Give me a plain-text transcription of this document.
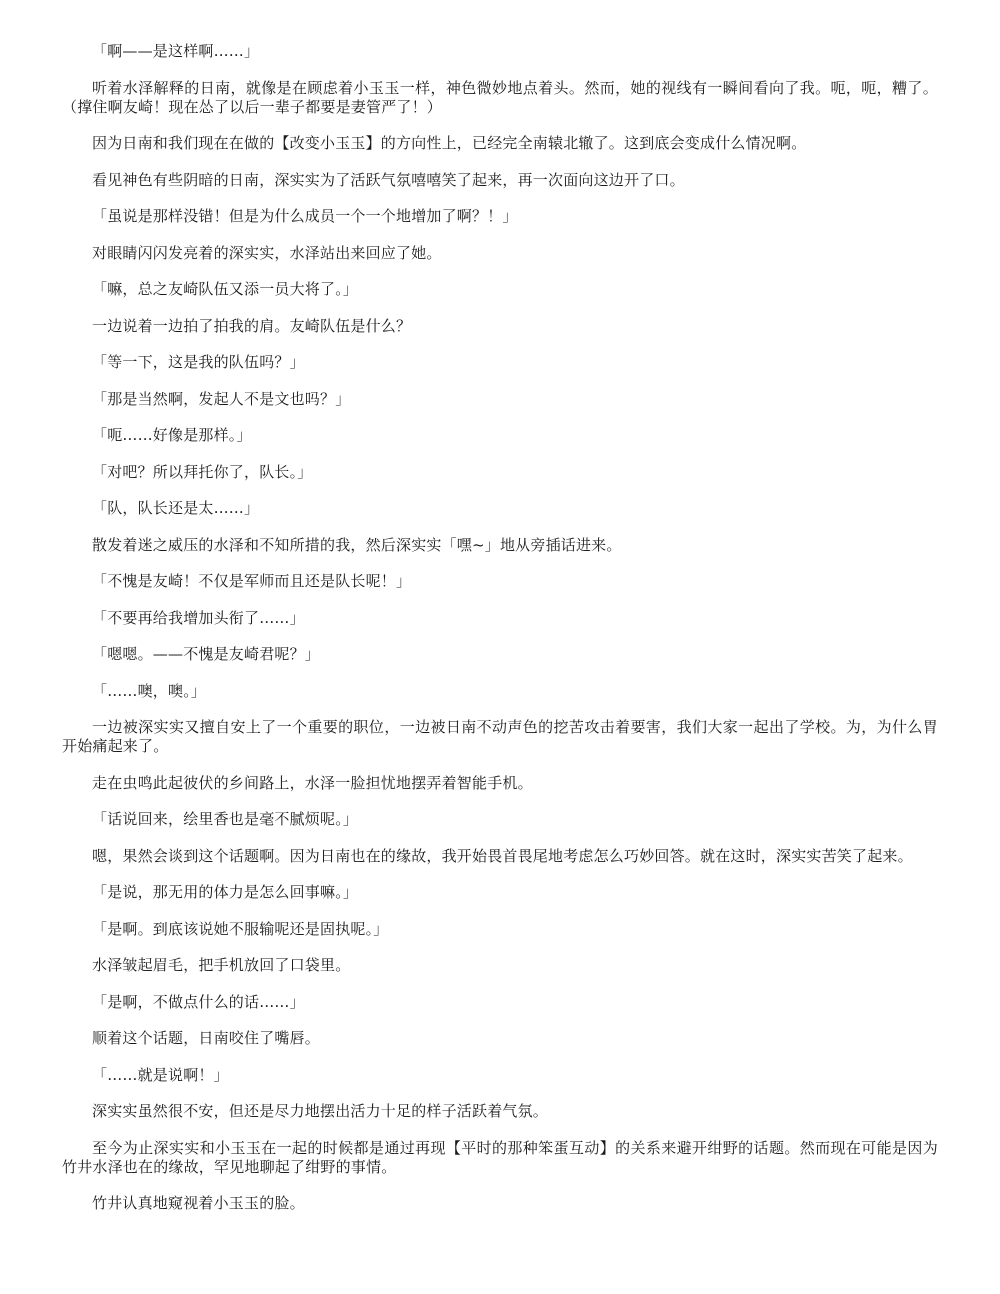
「啊——是这样啊……」

听着水泽解释的日南，就像是在顾虑着小玉玉一样，神色微妙地点着头。然而，她的视线有一瞬间看向了我。呃，呃，糟了。（撑住啊友崎！现在怂了以后一辈子都要是妻管严了！）

因为日南和我们现在在做的【改变小玉玉】的方向性上，已经完全南辕北辙了。这到底会变成什么情况啊。

看见神色有些阴暗的日南，深实实为了活跃气氛嘻嘻笑了起来，再一次面向这边开了口。

「虽说是那样没错！但是为什么成员一个一个地增加了啊？！」

对眼睛闪闪发亮着的深实实，水泽站出来回应了她。

「嘛，总之友崎队伍又添一员大将了。」

一边说着一边拍了拍我的肩。友崎队伍是什么？

「等一下，这是我的队伍吗？」

「那是当然啊，发起人不是文也吗？」

「呃……好像是那样。」

「对吧？所以拜托你了，队长。」

「队，队长还是太……」

散发着迷之威压的水泽和不知所措的我，然后深实实「嘿~」地从旁插话进来。

「不愧是友崎！不仅是军师而且还是队长呢！」

「不要再给我增加头衔了……」

「嗯嗯。——不愧是友崎君呢？」

「……噢，噢。」

一边被深实实又擅自安上了一个重要的职位，一边被日南不动声色的挖苦攻击着要害，我们大家一起出了学校。为，为什么胃开始痛起来了。

走在虫鸣此起彼伏的乡间路上，水泽一脸担忧地摆弄着智能手机。

「话说回来，绘里香也是毫不腻烦呢。」

嗯，果然会谈到这个话题啊。因为日南也在的缘故，我开始畏首畏尾地考虑怎么巧妙回答。就在这时，深实实苦笑了起来。

「是说，那无用的体力是怎么回事嘛。」

「是啊。到底该说她不服输呢还是固执呢。」

水泽皱起眉毛，把手机放回了口袋里。

「是啊，不做点什么的话……」

顺着这个话题，日南咬住了嘴唇。

「……就是说啊！」

深实实虽然很不安，但还是尽力地摆出活力十足的样子活跃着气氛。

至今为止深实实和小玉玉在一起的时候都是通过再现【平时的那种笨蛋互动】的关系来避开绀野的话题。然而现在可能是因为竹井水泽也在的缘故，罕见地聊起了绀野的事情。

竹井认真地窥视着小玉玉的脸。
